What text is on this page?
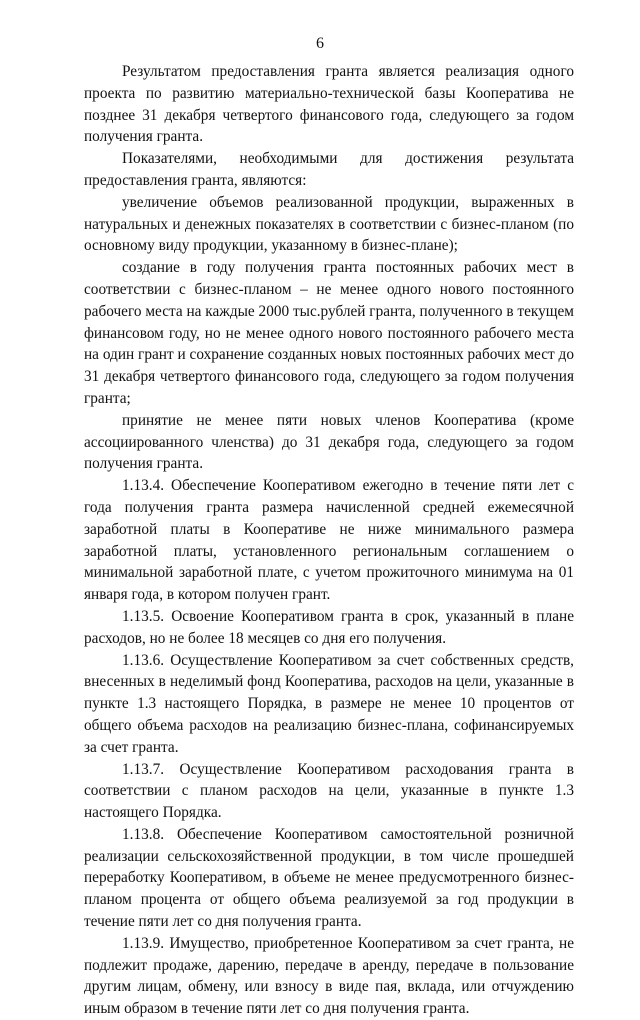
6

Результатом предоставления гранта является реализация одного проекта по развитию материально-технической базы Кооператива не позднее 31 декабря четвертого финансового года, следующего за годом получения гранта.

Показателями, необходимыми для достижения результата предоставления гранта, являются:

увеличение объемов реализованной продукции, выраженных в натуральных и денежных показателях в соответствии с бизнес-планом (по основному виду продукции, указанному в бизнес-плане);

создание в году получения гранта постоянных рабочих мест в соответствии с бизнес-планом – не менее одного нового постоянного рабочего места на каждые 2000 тыс.рублей гранта, полученного в текущем финансовом году, но не менее одного нового постоянного рабочего места на один грант и сохранение созданных новых постоянных рабочих мест до 31 декабря четвертого финансового года, следующего за годом получения гранта;

принятие не менее пяти новых членов Кооператива (кроме ассоциированного членства) до 31 декабря года, следующего за годом получения гранта.

1.13.4. Обеспечение Кооперативом ежегодно в течение пяти лет с года получения гранта размера начисленной средней ежемесячной заработной платы в Кооперативе не ниже минимального размера заработной платы, установленного региональным соглашением о минимальной заработной плате, с учетом прожиточного минимума на 01 января года, в котором получен грант.

1.13.5. Освоение Кооперативом гранта в срок, указанный в плане расходов, но не более 18 месяцев со дня его получения.

1.13.6. Осуществление Кооперативом за счет собственных средств, внесенных в неделимый фонд Кооператива, расходов на цели, указанные в пункте 1.3 настоящего Порядка, в размере не менее 10 процентов от общего объема расходов на реализацию бизнес-плана, софинансируемых за счет гранта.

1.13.7. Осуществление Кооперативом расходования гранта в соответствии с планом расходов на цели, указанные в пункте 1.3 настоящего Порядка.

1.13.8. Обеспечение Кооперативом самостоятельной розничной реализации сельскохозяйственной продукции, в том числе прошедшей переработку Кооперативом, в объеме не менее предусмотренного бизнес-планом процента от общего объема реализуемой за год продукции в течение пяти лет со дня получения гранта.

1.13.9. Имущество, приобретенное Кооперативом за счет гранта, не подлежит продаже, дарению, передаче в аренду, передаче в пользование другим лицам, обмену, или взносу в виде пая, вклада, или отчуждению иным образом в течение пяти лет со дня получения гранта.
